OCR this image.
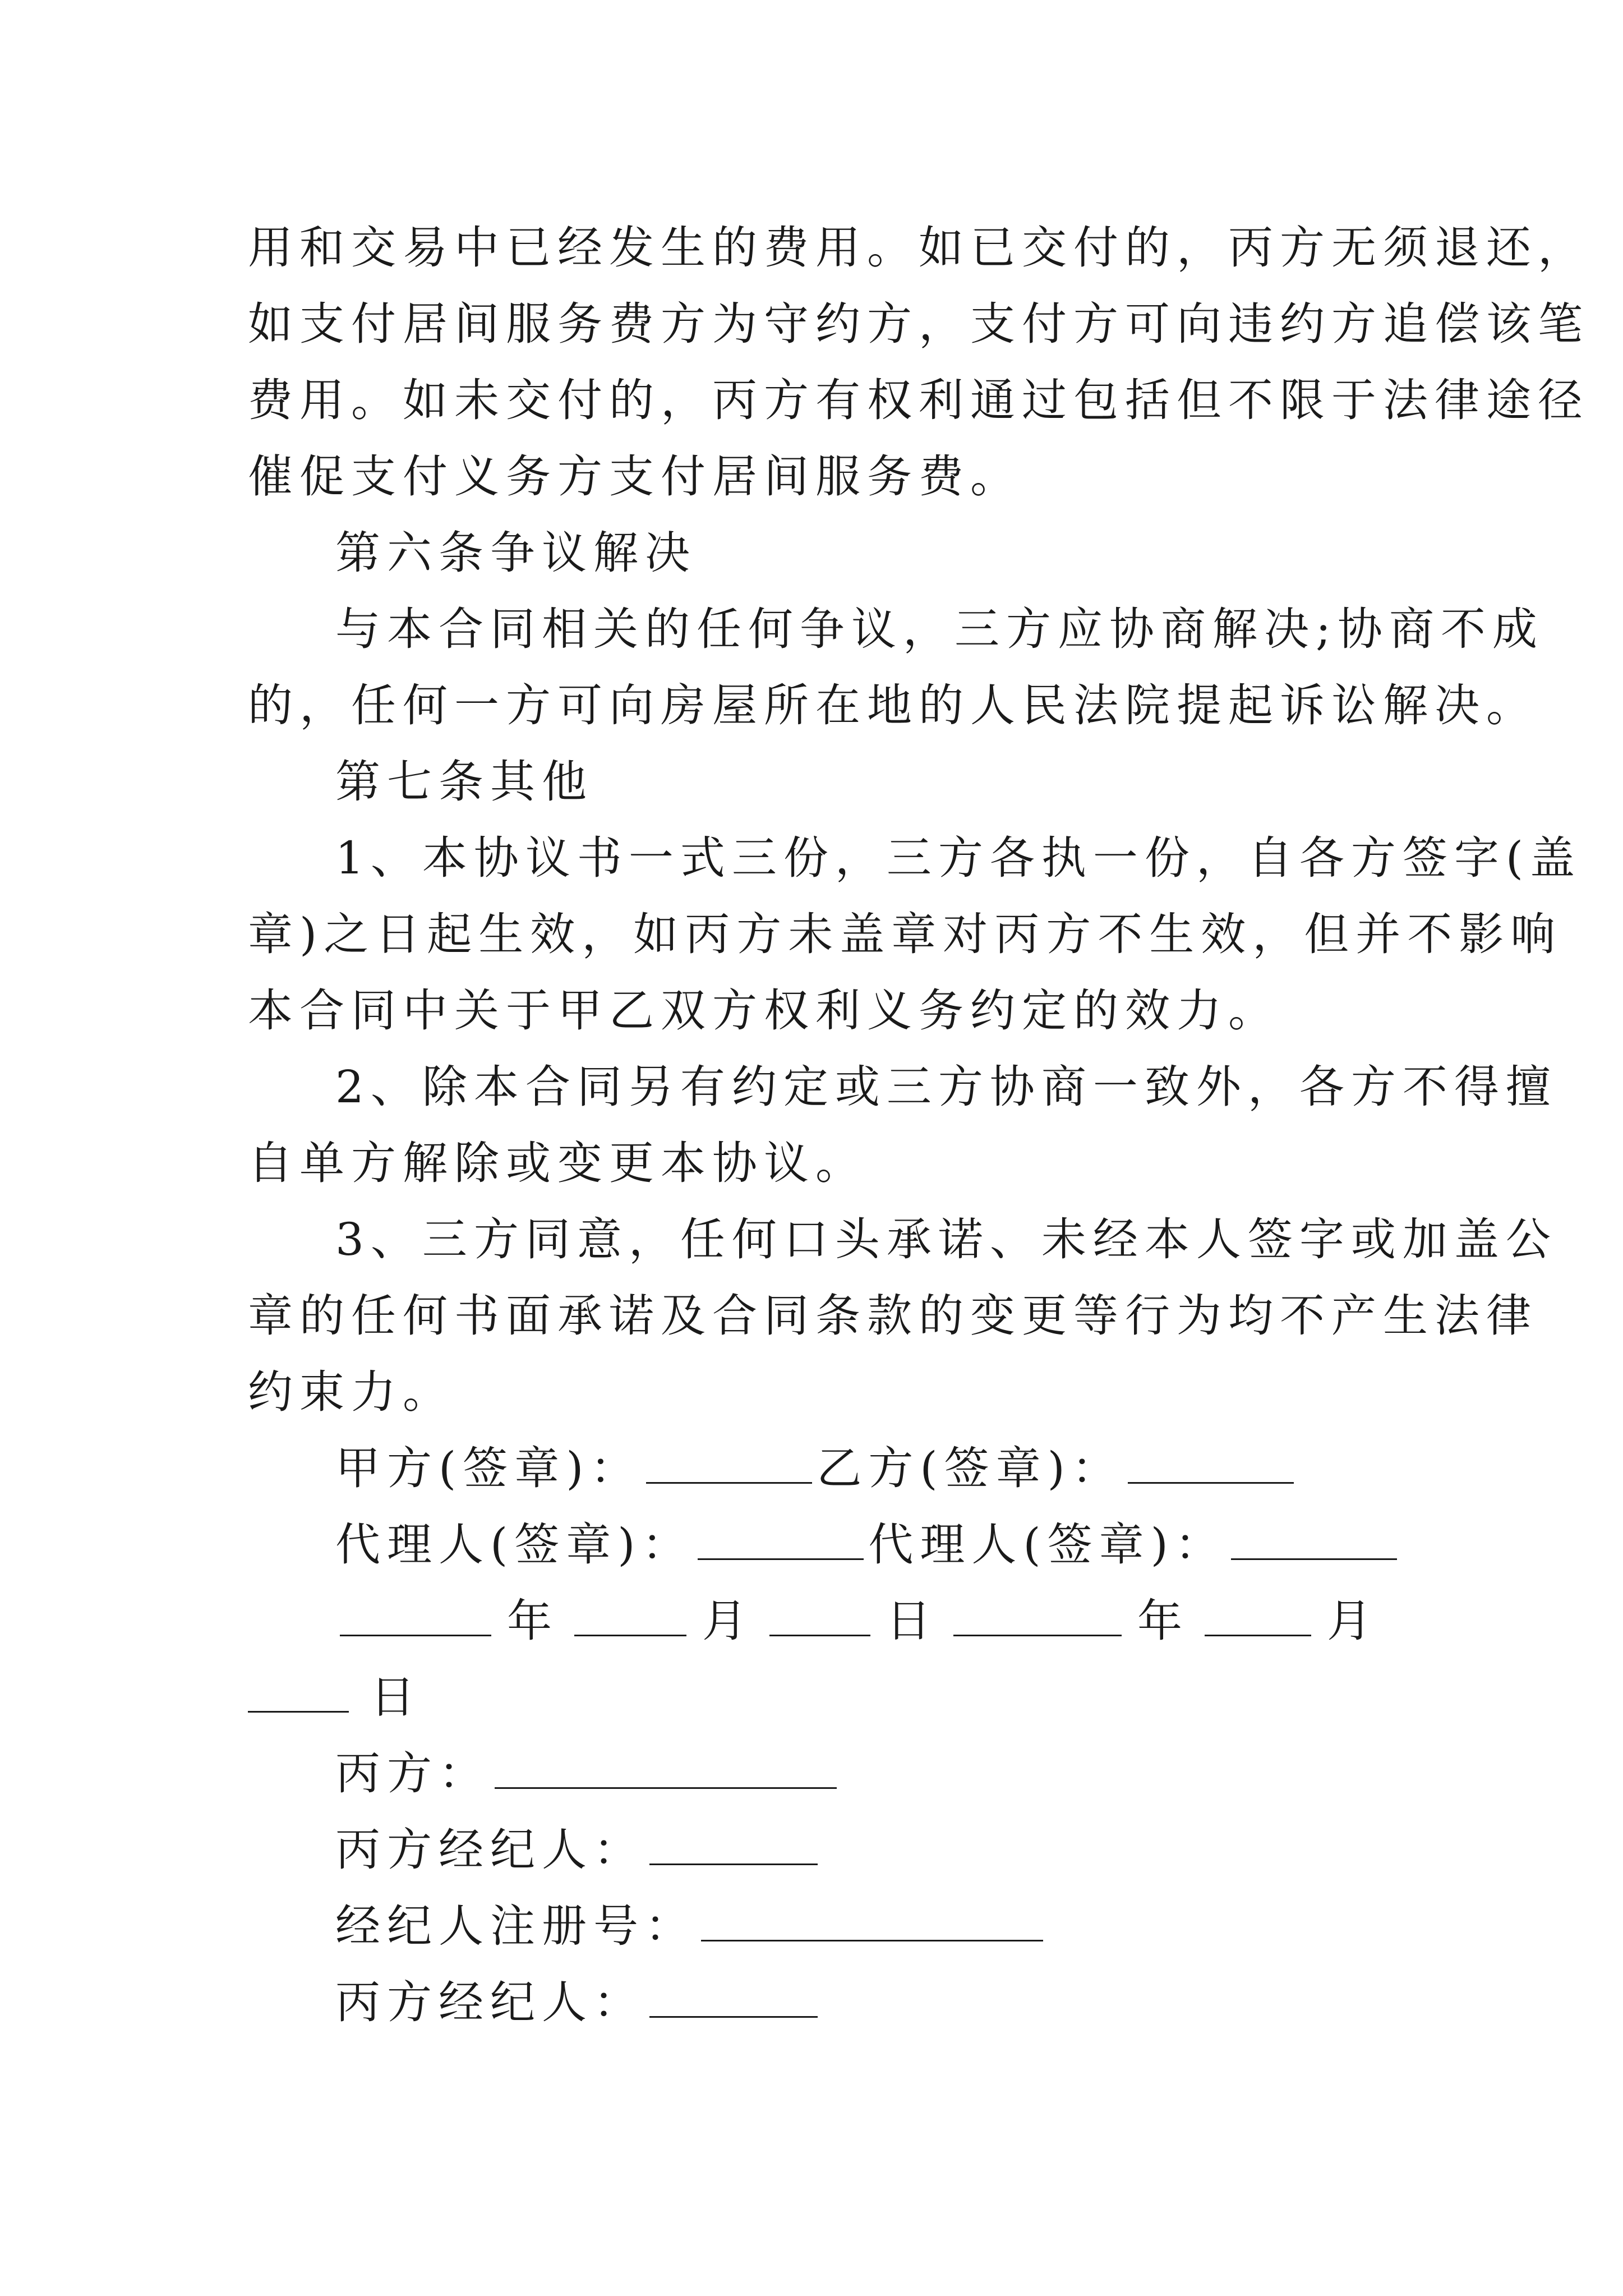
用和交易中已经发生的费用。如已交付的，丙方无须退还，
如支付居间服务费方为守约方，支付方可向违约方追偿该笔
费用。如未交付的，丙方有权利通过包括但不限于法律途径
催促支付义务方支付居间服务费。
第六条争议解决
与本合同相关的任何争议，三方应协商解决;协商不成
的，任何一方可向房屋所在地的人民法院提起诉讼解决。
第七条其他
1、本协议书一式三份，三方各执一份，自各方签字(盖
章)之日起生效，如丙方未盖章对丙方不生效，但并不影响
本合同中关于甲乙双方权利义务约定的效力。
2、除本合同另有约定或三方协商一致外，各方不得擅
自单方解除或变更本协议。
3、三方同意，任何口头承诺、未经本人签字或加盖公
章的任何书面承诺及合同条款的变更等行为均不产生法律
约束力。
甲方(签章)：	乙方(签章)：
代理人(签章)：	代理人(签章)：
年	月	日	年	月
日
丙方：
丙方经纪人：
经纪人注册号：
丙方经纪人：
